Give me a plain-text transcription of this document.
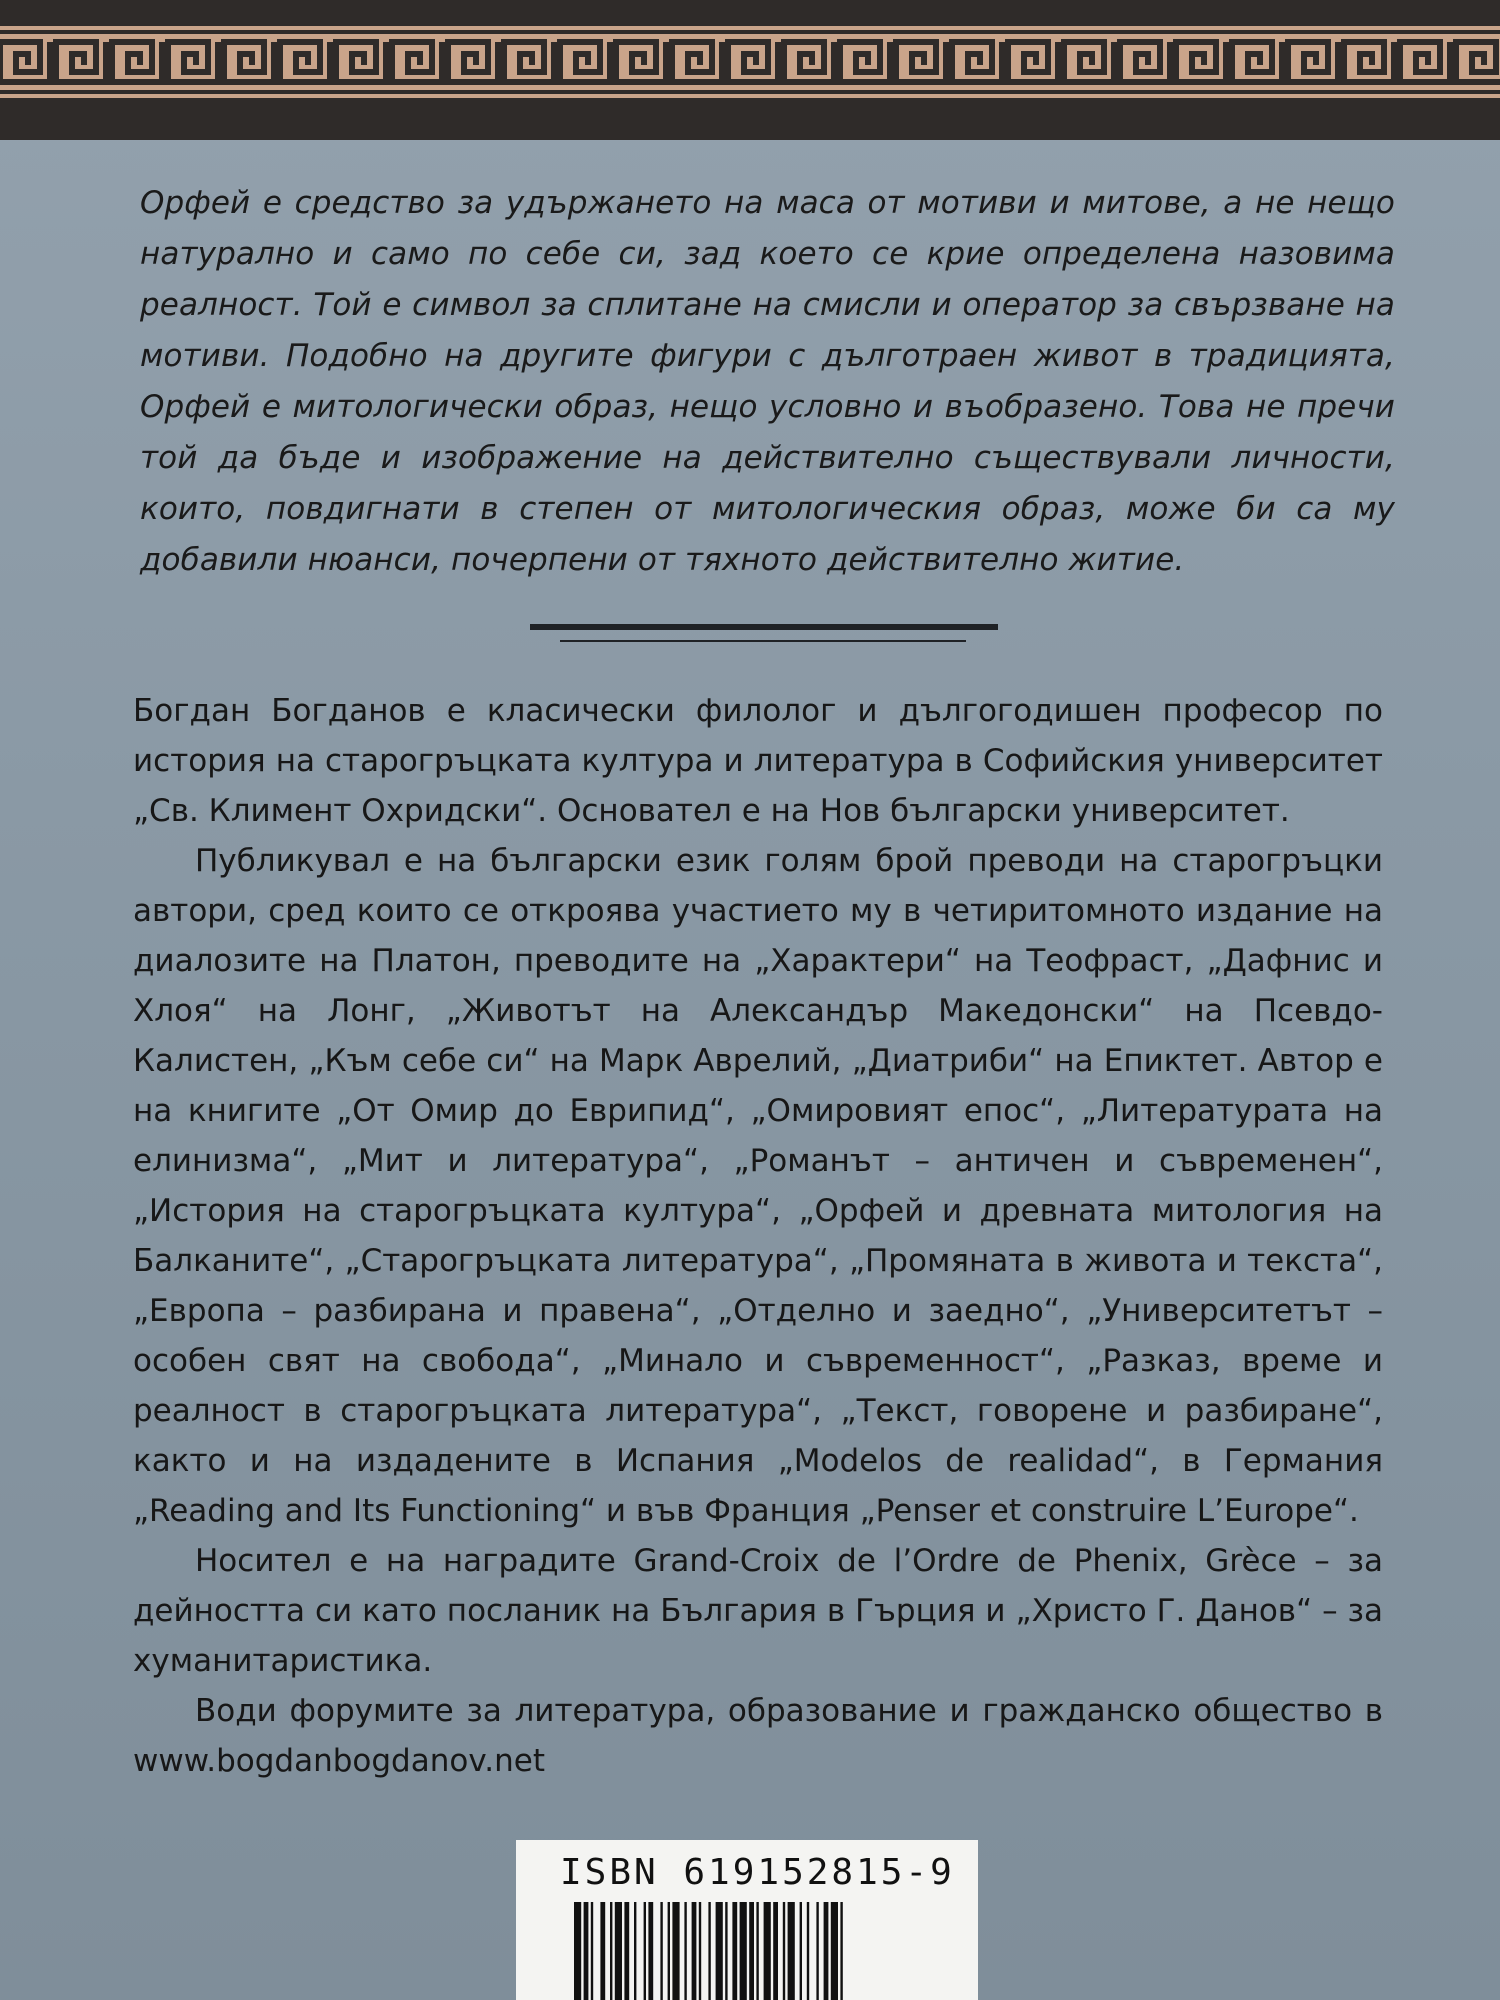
Орфей е средство за удържането на маса от мотиви и митове, а не нещо натурално и само по себе си, зад което се крие определена назовима реалност. Той е символ за сплитане на смисли и оператор за свързване на мотиви. Подобно на другите фигури с дълготраен живот в традицията, Орфей е митологически образ, нещо условно и въобразено. Това не пречи той да бъде и изображение на действително съществували личности, които, повдигнати в степен от митологическия образ, може би са му добавили нюанси, почерпени от тяхното действително житие.

Богдан Богданов е класически филолог и дългогодишен професор по история на старогръцката култура и литература в Софийския университет „Св. Климент Охридски“. Основател е на Нов български университет.

Публикувал е на български език голям брой преводи на старогръцки автори, сред които се откроява участието му в четиритомното издание на диалозите на Платон, преводите на „Характери“ на Теофраст, „Дафнис и Хлоя“ на Лонг, „Животът на Александър Македонски“ на Псевдо-Калистен, „Към себе си“ на Марк Аврелий, „Диатриби“ на Епиктет. Автор е на книгите „От Омир до Еврипид“, „Омировият епос“, „Литературата на елинизма“, „Мит и литература“, „Романът – античен и съвременен“, „История на старогръцката култура“, „Орфей и древната митология на Балканите“, „Старогръцката литература“, „Промяната в живота и текста“, „Европа – разбирана и правена“, „Отделно и заедно“, „Университетът – особен свят на свобода“, „Минало и съвременност“, „Разказ, време и реалност в старогръцката литература“, „Текст, говорене и разбиране“, както и на издадените в Испания „Modelos de realidad“, в Германия „Reading and Its Functioning“ и във Франция „Penser et construire L’Europe“.

Носител е на наградите Grand-Croix de l’Ordre de Phenix, Grèce – за дейността си като посланик на България в Гърция и „Христо Г. Данов“ – за хуманитаристика.

Води форумите за литература, образование и гражданско общество в www.bogdanbogdanov.net

ISBN 619152815-9
